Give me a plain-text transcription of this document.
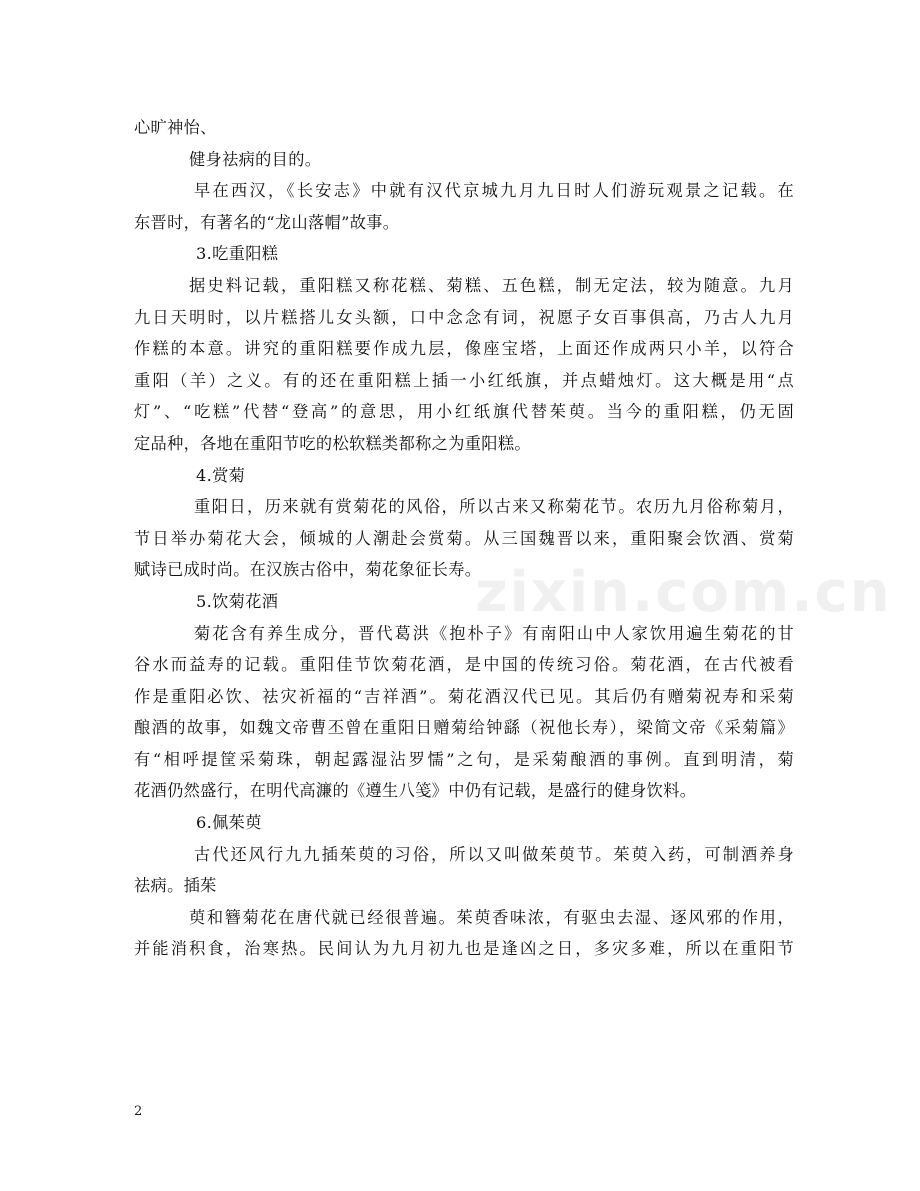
zixin.com.cn
心旷神怡、
健身祛病的目的。
早在西汉，《长安志》中就有汉代京城九月九日时人们游玩观景之记载。在
东晋时，有著名的“龙山落帽”故事。
3.吃重阳糕
据史料记载，重阳糕又称花糕、菊糕、五色糕，制无定法，较为随意。九月
九日天明时，以片糕搭儿女头额，口中念念有词，祝愿子女百事俱高，乃古人九月
作糕的本意。讲究的重阳糕要作成九层，像座宝塔，上面还作成两只小羊，以符合
重阳（羊）之义。有的还在重阳糕上插一小红纸旗，并点蜡烛灯。这大概是用“点
灯”、“吃糕”代替“登高”的意思，用小红纸旗代替茱萸。当今的重阳糕，仍无固
定品种，各地在重阳节吃的松软糕类都称之为重阳糕。
4.赏菊
重阳日，历来就有赏菊花的风俗，所以古来又称菊花节。农历九月俗称菊月，
节日举办菊花大会，倾城的人潮赴会赏菊。从三国魏晋以来，重阳聚会饮酒、赏菊
赋诗已成时尚。在汉族古俗中，菊花象征长寿。
5.饮菊花酒
菊花含有养生成分，晋代葛洪《抱朴子》有南阳山中人家饮用遍生菊花的甘
谷水而益寿的记载。重阳佳节饮菊花酒，是中国的传统习俗。菊花酒，在古代被看
作是重阳必饮、祛灾祈福的“吉祥酒”。菊花酒汉代已见。其后仍有赠菊祝寿和采菊
酿酒的故事，如魏文帝曹丕曾在重阳日赠菊给钟繇（祝他长寿），梁简文帝《采菊篇》
有“相呼提筐采菊珠，朝起露湿沾罗懦”之句，是采菊酿酒的事例。直到明清，菊
花酒仍然盛行，在明代高濂的《遵生八笺》中仍有记载，是盛行的健身饮料。
6.佩茱萸
古代还风行九九插茱萸的习俗，所以又叫做茱萸节。茱萸入药，可制酒养身
祛病。插茱
萸和簪菊花在唐代就已经很普遍。茱萸香味浓，有驱虫去湿、逐风邪的作用，
并能消积食，治寒热。民间认为九月初九也是逢凶之日，多灾多难，所以在重阳节
2
